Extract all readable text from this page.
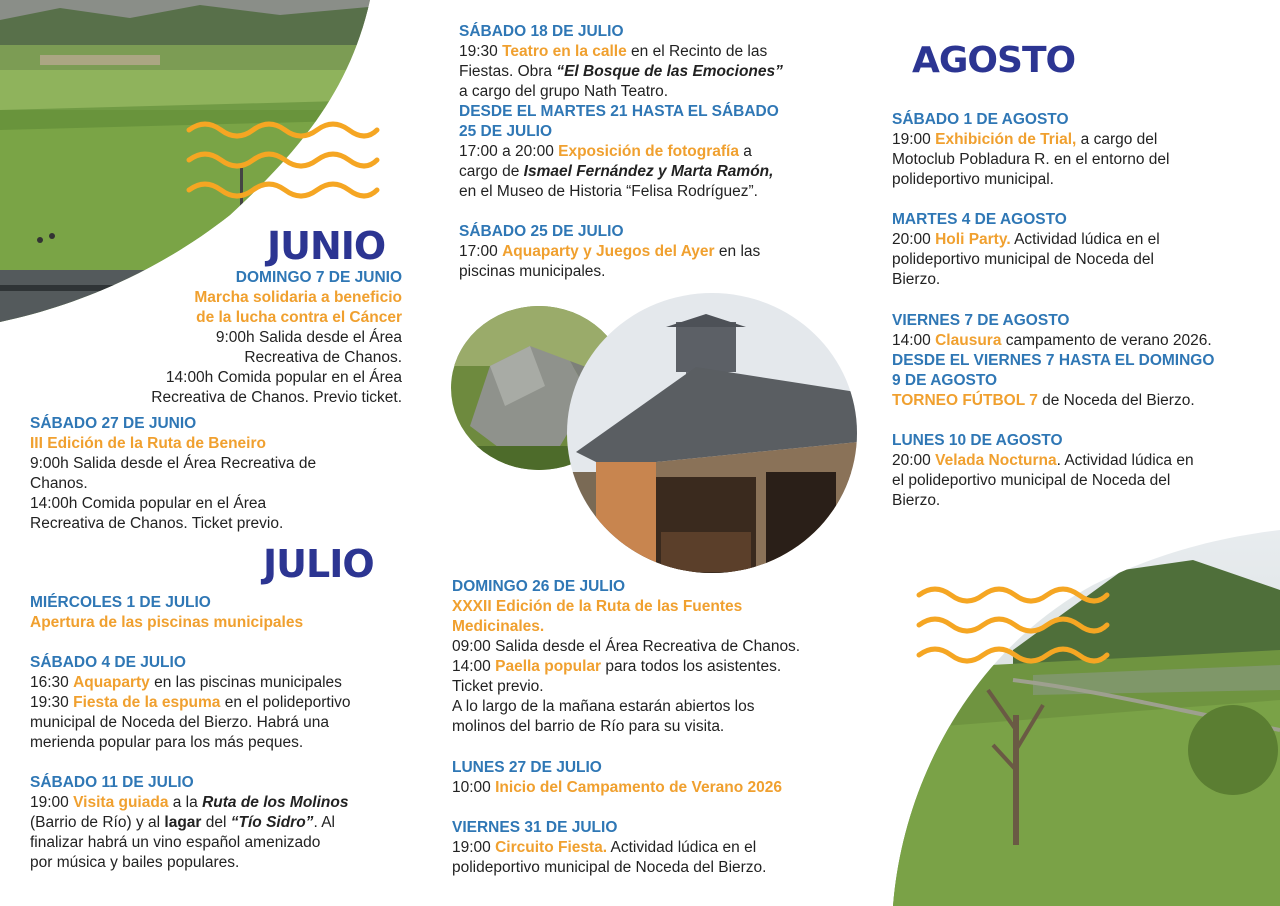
JUNIO
DOMINGO 7 DE JUNIO
Marcha solidaria a beneficio
de la lucha contra el Cáncer
9:00h Salida desde el Área
Recreativa de Chanos.
14:00h Comida popular en el Área
Recreativa de Chanos. Previo ticket.
SÁBADO 27 DE JUNIO
III Edición de la Ruta de Beneiro
9:00h Salida desde el Área Recreativa de
Chanos.
14:00h Comida popular en el Área
Recreativa de Chanos. Ticket previo.
JULIO
MIÉRCOLES 1 DE JULIO
Apertura de las piscinas municipales
SÁBADO 4 DE JULIO
16:30 Aquaparty en las piscinas municipales
19:30 Fiesta de la espuma en el polideportivo
municipal de Noceda del Bierzo. Habrá una
merienda popular para los más peques.
SÁBADO 11 DE JULIO
19:00 Visita guiada a la Ruta de los Molinos
(Barrio de Río) y al lagar del “Tío Sidro”. Al
finalizar habrá un vino español amenizado
por música y bailes populares.
SÁBADO 18 DE JULIO
19:30 Teatro en la calle en el Recinto de las
Fiestas. Obra “El Bosque de las Emociones”
a cargo del grupo Nath Teatro.
DESDE EL MARTES 21 HASTA EL SÁBADO
25 DE JULIO
17:00 a 20:00 Exposición de fotografía a
cargo de Ismael Fernández y Marta Ramón,
en el Museo de Historia “Felisa Rodríguez”.
SÁBADO 25 DE JULIO
17:00 Aquaparty y Juegos del Ayer en las
piscinas municipales.
DOMINGO 26 DE JULIO
XXXII Edición de la Ruta de las Fuentes
Medicinales.
09:00 Salida desde el Área Recreativa de Chanos.
14:00 Paella popular para todos los asistentes.
Ticket previo.
A lo largo de la mañana estarán abiertos los
molinos del barrio de Río para su visita.
LUNES 27 DE JULIO
10:00 Inicio del Campamento de Verano 2026
VIERNES 31 DE JULIO
19:00 Circuito Fiesta. Actividad lúdica en el
polideportivo municipal de Noceda del Bierzo.
AGOSTO
SÁBADO 1 DE AGOSTO
19:00 Exhibición de Trial, a cargo del
Motoclub Pobladura R. en el entorno del
polideportivo municipal.
MARTES 4 DE AGOSTO
20:00 Holi Party. Actividad lúdica en el
polideportivo municipal de Noceda del
Bierzo.
VIERNES 7 DE AGOSTO
14:00 Clausura campamento de verano 2026.
DESDE EL VIERNES 7 HASTA EL DOMINGO
9 DE AGOSTO
TORNEO FÚTBOL 7 de Noceda del Bierzo.
LUNES 10 DE AGOSTO
20:00 Velada Nocturna. Actividad lúdica en
el polideportivo municipal de Noceda del
Bierzo.
